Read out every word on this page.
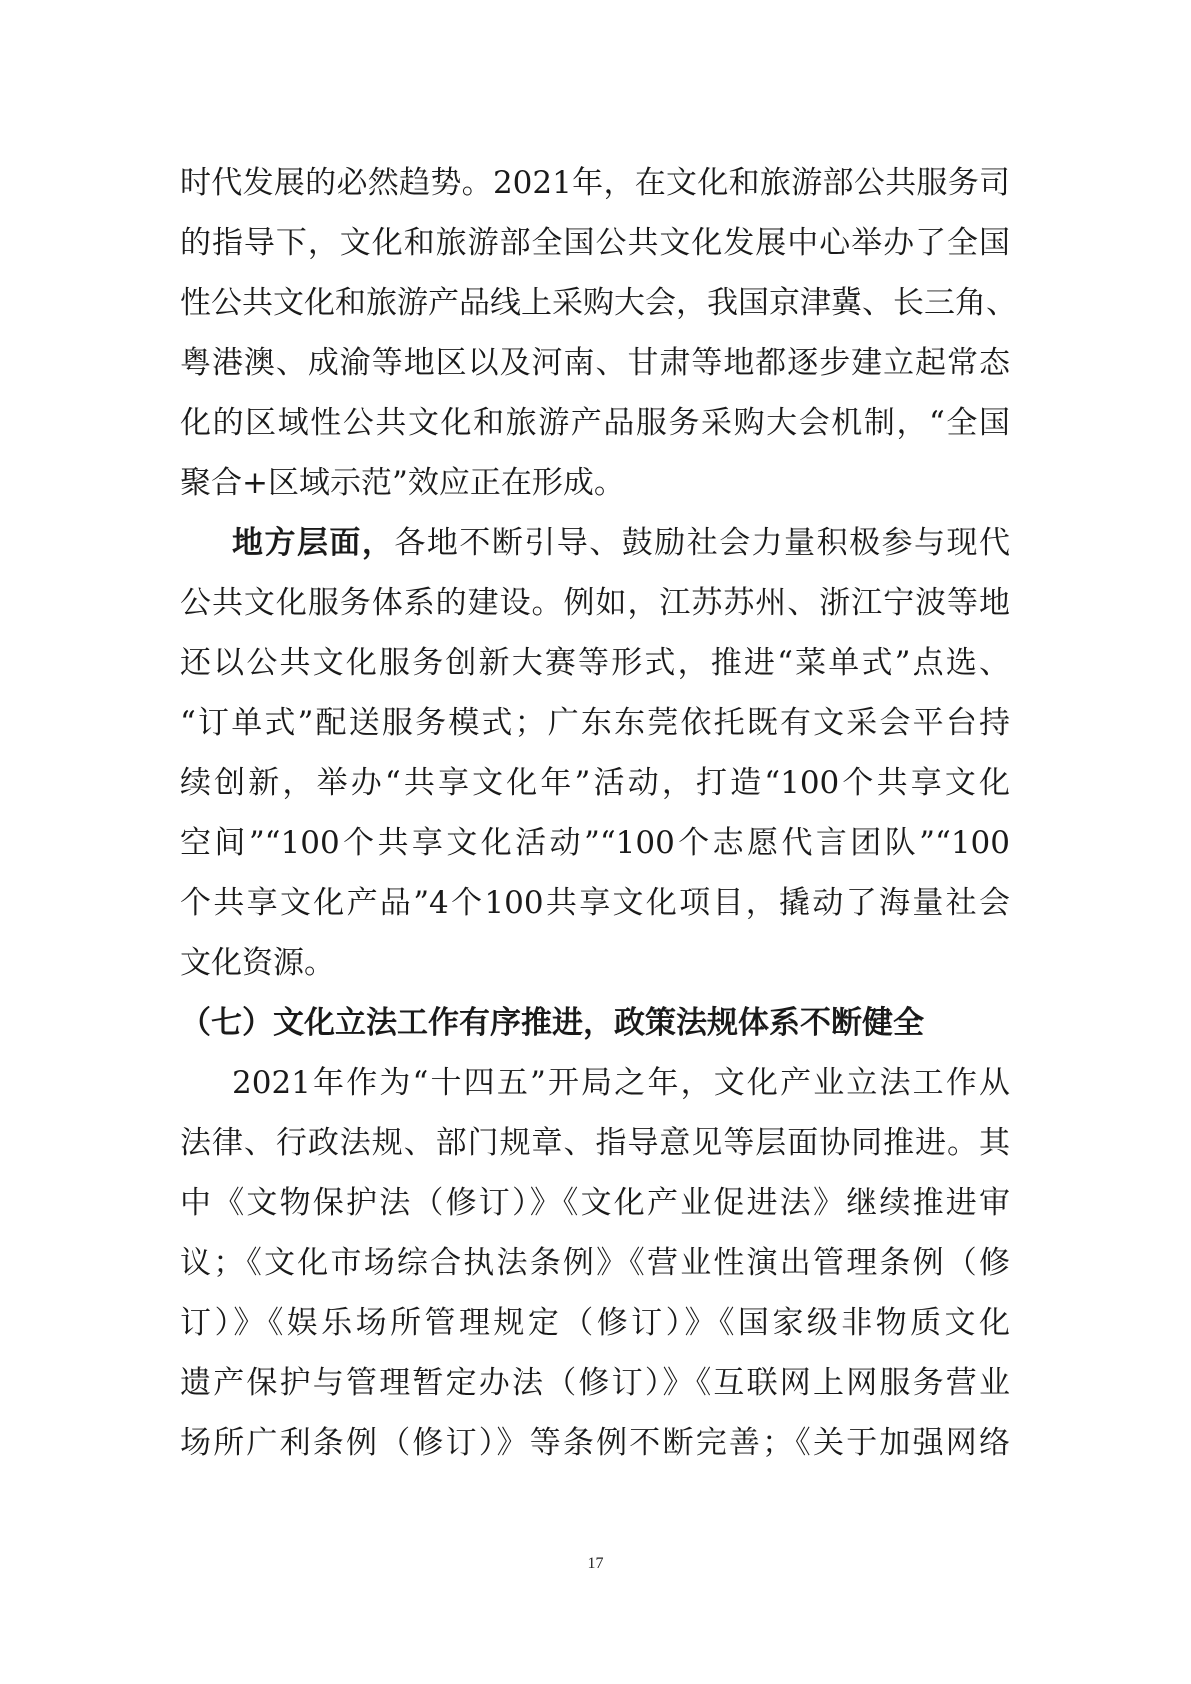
时代发展的必然趋势。2021年，在文化和旅游部公共服务司
的指导下，文化和旅游部全国公共文化发展中心举办了全国
性公共文化和旅游产品线上采购大会，我国京津冀、长三角、
粤港澳、成渝等地区以及河南、甘肃等地都逐步建立起常态
化的区域性公共文化和旅游产品服务采购大会机制，“全国
聚合+区域示范”效应正在形成。
地方层面，各地不断引导、鼓励社会力量积极参与现代
公共文化服务体系的建设。例如，江苏苏州、浙江宁波等地
还以公共文化服务创新大赛等形式，推进“菜单式”点选、
“订单式”配送服务模式；广东东莞依托既有文采会平台持
续创新，举办“共享文化年”活动，打造“100个共享文化
空间”“100个共享文化活动”“100个志愿代言团队”“100
个共享文化产品”4个100共享文化项目，撬动了海量社会
文化资源。
（七）文化立法工作有序推进，政策法规体系不断健全
2021年作为“十四五”开局之年，文化产业立法工作从
法律、行政法规、部门规章、指导意见等层面协同推进。其
中《文物保护法（修订）》《文化产业促进法》继续推进审
议；《文化市场综合执法条例》《营业性演出管理条例（修
订）》《娱乐场所管理规定（修订）》《国家级非物质文化
遗产保护与管理暂定办法（修订）》《互联网上网服务营业
场所广利条例（修订）》等条例不断完善；《关于加强网络
17
